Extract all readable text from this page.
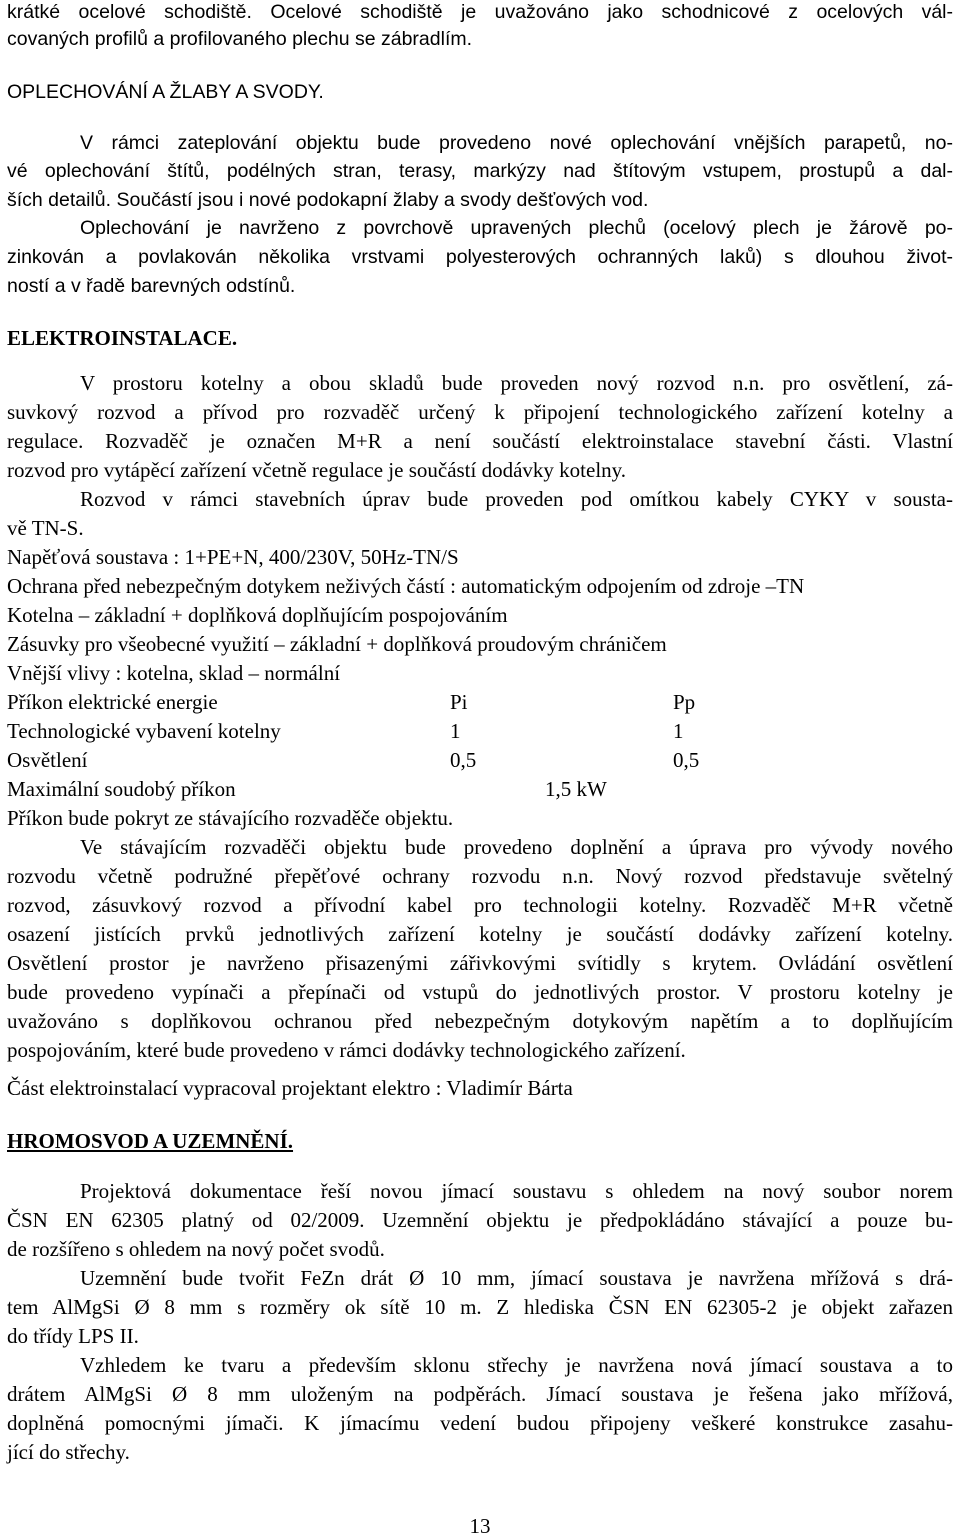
krátké ocelové schodiště. Ocelové schodiště je uvažováno jako schodnicové z ocelových vál-
covaných profilů a profilovaného plechu se zábradlím.
OPLECHOVÁNÍ A ŽLABY A SVODY.
V rámci zateplování objektu bude provedeno nové oplechování vnějších parapetů, no-
vé oplechování štítů, podélných stran, terasy, markýzy nad štítovým vstupem, prostupů a dal-
ších detailů. Součástí jsou i nové podokapní žlaby a svody dešťových vod.
Oplechování je navrženo z povrchově upravených plechů (ocelový plech je žárově po-
zinkován a povlakován několika vrstvami polyesterových ochranných laků) s dlouhou život-
ností a v řadě barevných odstínů.
ELEKTROINSTALACE.
V prostoru kotelny a obou skladů bude proveden nový rozvod n.n. pro osvětlení, zá-
suvkový rozvod a přívod pro rozvaděč určený k připojení technologického zařízení kotelny a
regulace. Rozvaděč je označen M+R a není součástí elektroinstalace stavební části. Vlastní
rozvod pro vytápěcí zařízení včetně regulace je součástí dodávky kotelny.
Rozvod v rámci stavebních úprav bude proveden pod omítkou kabely CYKY v sousta-
vě TN-S.
Napěťová soustava : 1+PE+N, 400/230V, 50Hz-TN/S
Ochrana před nebezpečným dotykem neživých částí : automatickým odpojením od zdroje –TN
Kotelna – základní + doplňková doplňujícím pospojováním
Zásuvky pro všeobecné využití – základní + doplňková proudovým chráničem
Vnější vlivy : kotelna, sklad – normální
Příkon elektrické energie	Pi	Pp
Technologické vybavení kotelny	1	1
Osvětlení	0,5	0,5
Maximální soudobý příkon	1,5 kW
Příkon bude pokryt ze stávajícího rozvaděče objektu.
Ve stávajícím rozvaděči objektu bude provedeno doplnění a úprava pro vývody nového
rozvodu včetně podružné přepěťové ochrany rozvodu n.n. Nový rozvod představuje světelný
rozvod, zásuvkový rozvod a přívodní kabel pro technologii kotelny. Rozvaděč M+R včetně
osazení jistících prvků jednotlivých zařízení kotelny je součástí dodávky zařízení kotelny.
Osvětlení prostor je navrženo přisazenými zářivkovými svítidly s krytem. Ovládání osvětlení
bude provedeno vypínači a přepínači od vstupů do jednotlivých prostor. V prostoru kotelny je
uvažováno s doplňkovou ochranou před nebezpečným dotykovým napětím a to doplňujícím
pospojováním, které bude provedeno v rámci dodávky technologického zařízení.
Část elektroinstalací vypracoval projektant elektro : Vladimír Bárta
HROMOSVOD A UZEMNĚNÍ.
Projektová dokumentace řeší novou jímací soustavu s ohledem na nový soubor norem
ČSN EN 62305 platný od 02/2009. Uzemnění objektu je předpokládáno stávající a pouze bu-
de rozšířeno s ohledem na nový počet svodů.
Uzemnění bude tvořit FeZn drát Ø 10 mm, jímací soustava je navržena mřížová s drá-
tem AlMgSi Ø 8 mm s rozměry ok sítě 10 m. Z hlediska ČSN EN 62305-2 je objekt zařazen
do třídy LPS II.
Vzhledem ke tvaru a především sklonu střechy je navržena nová jímací soustava a to
drátem AlMgSi Ø 8 mm uloženým na podpěrách. Jímací soustava je řešena jako mřížová,
doplněná pomocnými jímači. K jímacímu vedení budou připojeny veškeré konstrukce zasahu-
jící do střechy.
13
